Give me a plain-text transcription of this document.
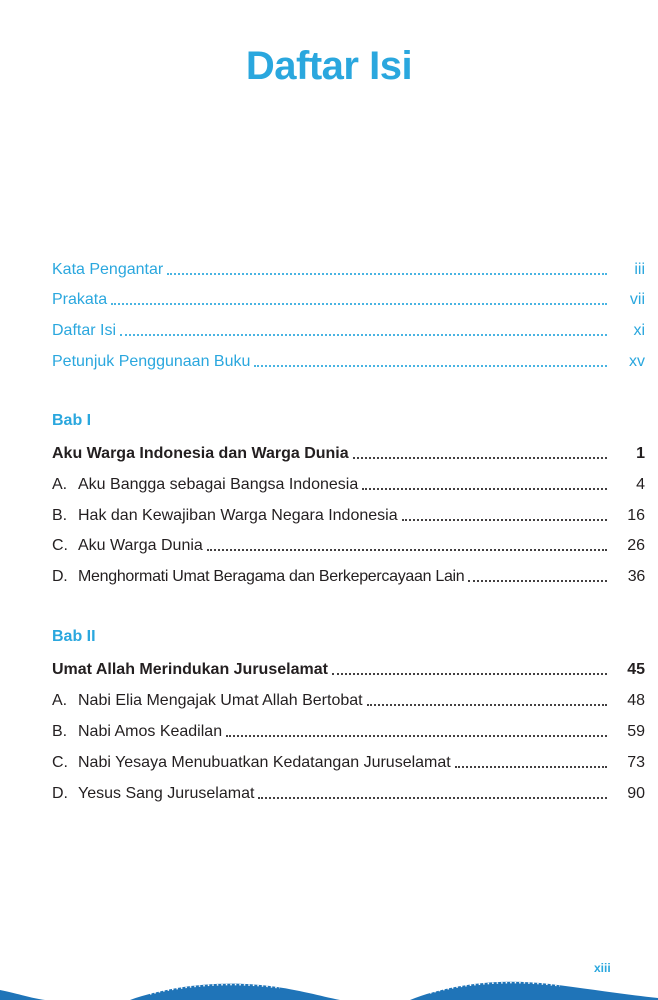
Daftar Isi
Kata Pengantar	iii
Prakata	vii
Daftar Isi	xi
Petunjuk Penggunaan Buku	xv
Bab I
Aku Warga Indonesia dan Warga Dunia	1
A. Aku Bangga sebagai Bangsa Indonesia	4
B. Hak dan Kewajiban Warga Negara Indonesia	16
C. Aku Warga Dunia	26
D. Menghormati Umat Beragama dan Berkepercayaan Lain	36
Bab II
Umat Allah Merindukan Juruselamat	45
A. Nabi Elia Mengajak Umat Allah Bertobat	48
B. Nabi Amos Keadilan	59
C. Nabi Yesaya Menubuatkan Kedatangan Juruselamat	73
D. Yesus Sang Juruselamat	90
xiii
